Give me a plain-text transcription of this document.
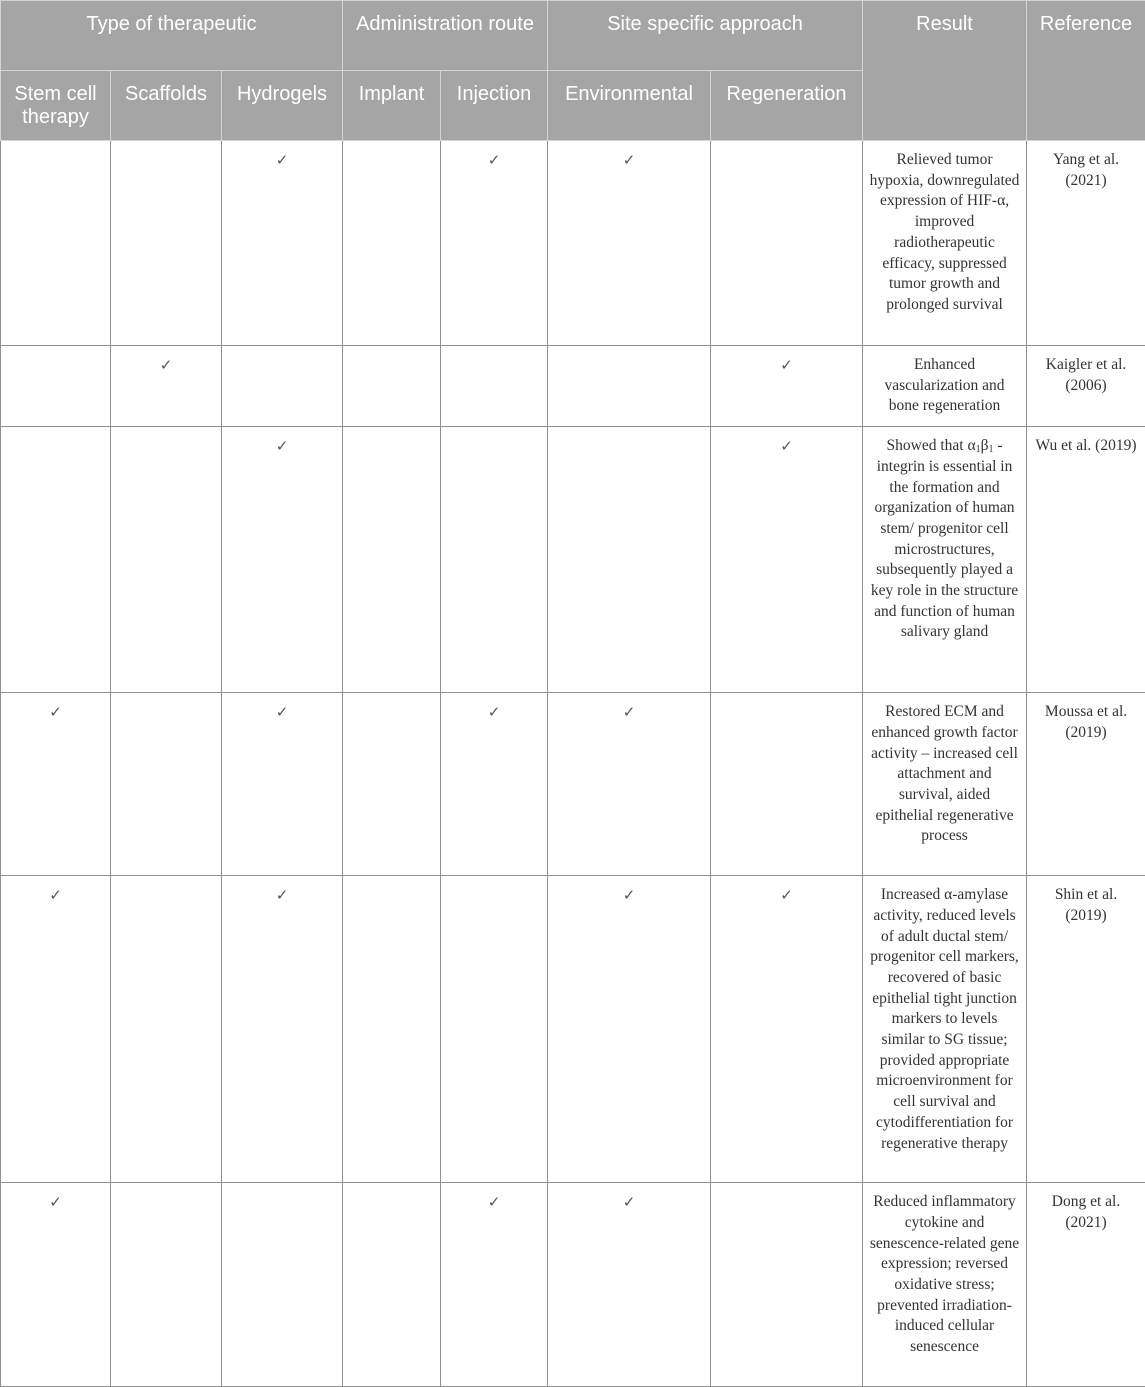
Type of therapeutic			Administration route		Site specific approach		Result	Reference
Stem cell therapy	Scaffolds	Hydrogels	Implant	Injection	Environmental	Regeneration		
		✓		✓	✓		Relieved tumor hypoxia, downregulated expression of HIF-α, improved radiotherapeutic efficacy, suppressed tumor growth and prolonged survival	Yang et al. (2021)
	✓					✓	Enhanced vascularization and bone regeneration	Kaigler et al. (2006)
		✓				✓	Showed that $\alpha_1\beta_1$ -integrin is essential in the formation and organization of human stem/ progenitor cell microstructures, subsequently played a key role in the structure and function of human salivary gland	Wu et al. (2019)
✓		✓		✓	✓		Restored ECM and enhanced growth factor activity – increased cell attachment and survival, aided epithelial regenerative process	Moussa et al. (2019)
✓		✓			✓	✓	Increased α-amylase activity, reduced levels of adult ductal stem/ progenitor cell markers, recovered of basic epithelial tight junction markers to levels similar to SG tissue; provided appropriate microenvironment for cell survival and cytodifferentiation for regenerative therapy	Shin et al. (2019)
✓				✓	✓		Reduced inflammatory cytokine and senescence-related gene expression; reversed oxidative stress; prevented irradiation-induced cellular senescence	Dong et al. (2021)
